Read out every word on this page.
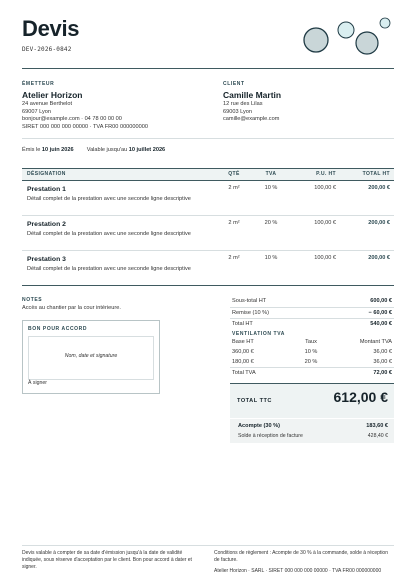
Devis
DEV-2026-0842
ÉMETTEUR
Atelier Horizon
24 avenue Berthelot
69007 Lyon
bonjour@example.com · 04 78 00 00 00
SIRET 000 000 000 00000 · TVA FR00 000000000
CLIENT
Camille Martin
12 rue des Lilas
69003 Lyon
camille@example.com
Émis le 10 juin 2026 Valable jusqu'au 10 juillet 2026
DÉSIGNATION	QTÉ	TVA	P.U. HT	TOTAL HT
Prestation 1
Détail complet de la prestation avec une seconde ligne descriptive
2 m²	10 %	100,00 €	200,00 €
Prestation 2
Détail complet de la prestation avec une seconde ligne descriptive
2 m²	20 %	100,00 €	200,00 €
Prestation 3
Détail complet de la prestation avec une seconde ligne descriptive
2 m²	10 %	100,00 €	200,00 €
NOTES
Accès au chantier par la cour intérieure.
BON POUR ACCORD
Nom, date et signature
À signer
Sous-total HT	600,00 €
Remise (10 %)	− 60,00 €
Total HT	540,00 €
VENTILATION TVA
Base HT	Taux	Montant TVA
360,00 €	10 %	36,00 €
180,00 €	20 %	36,00 €
Total TVA	72,00 €
TOTAL TTC	612,00 €
Acompte (30 %)	183,60 €
Solde à réception de facture	428,40 €
Devis valable à compter de sa date d'émission jusqu'à la date de validité indiquée, sous réserve d'acceptation par le client. Bon pour accord à dater et signer.
Conditions de règlement : Acompte de 30 % à la commande, solde à réception de facture.
Atelier Horizon · SARL · SIRET 000 000 000 00000 · TVA FR00 000000000
